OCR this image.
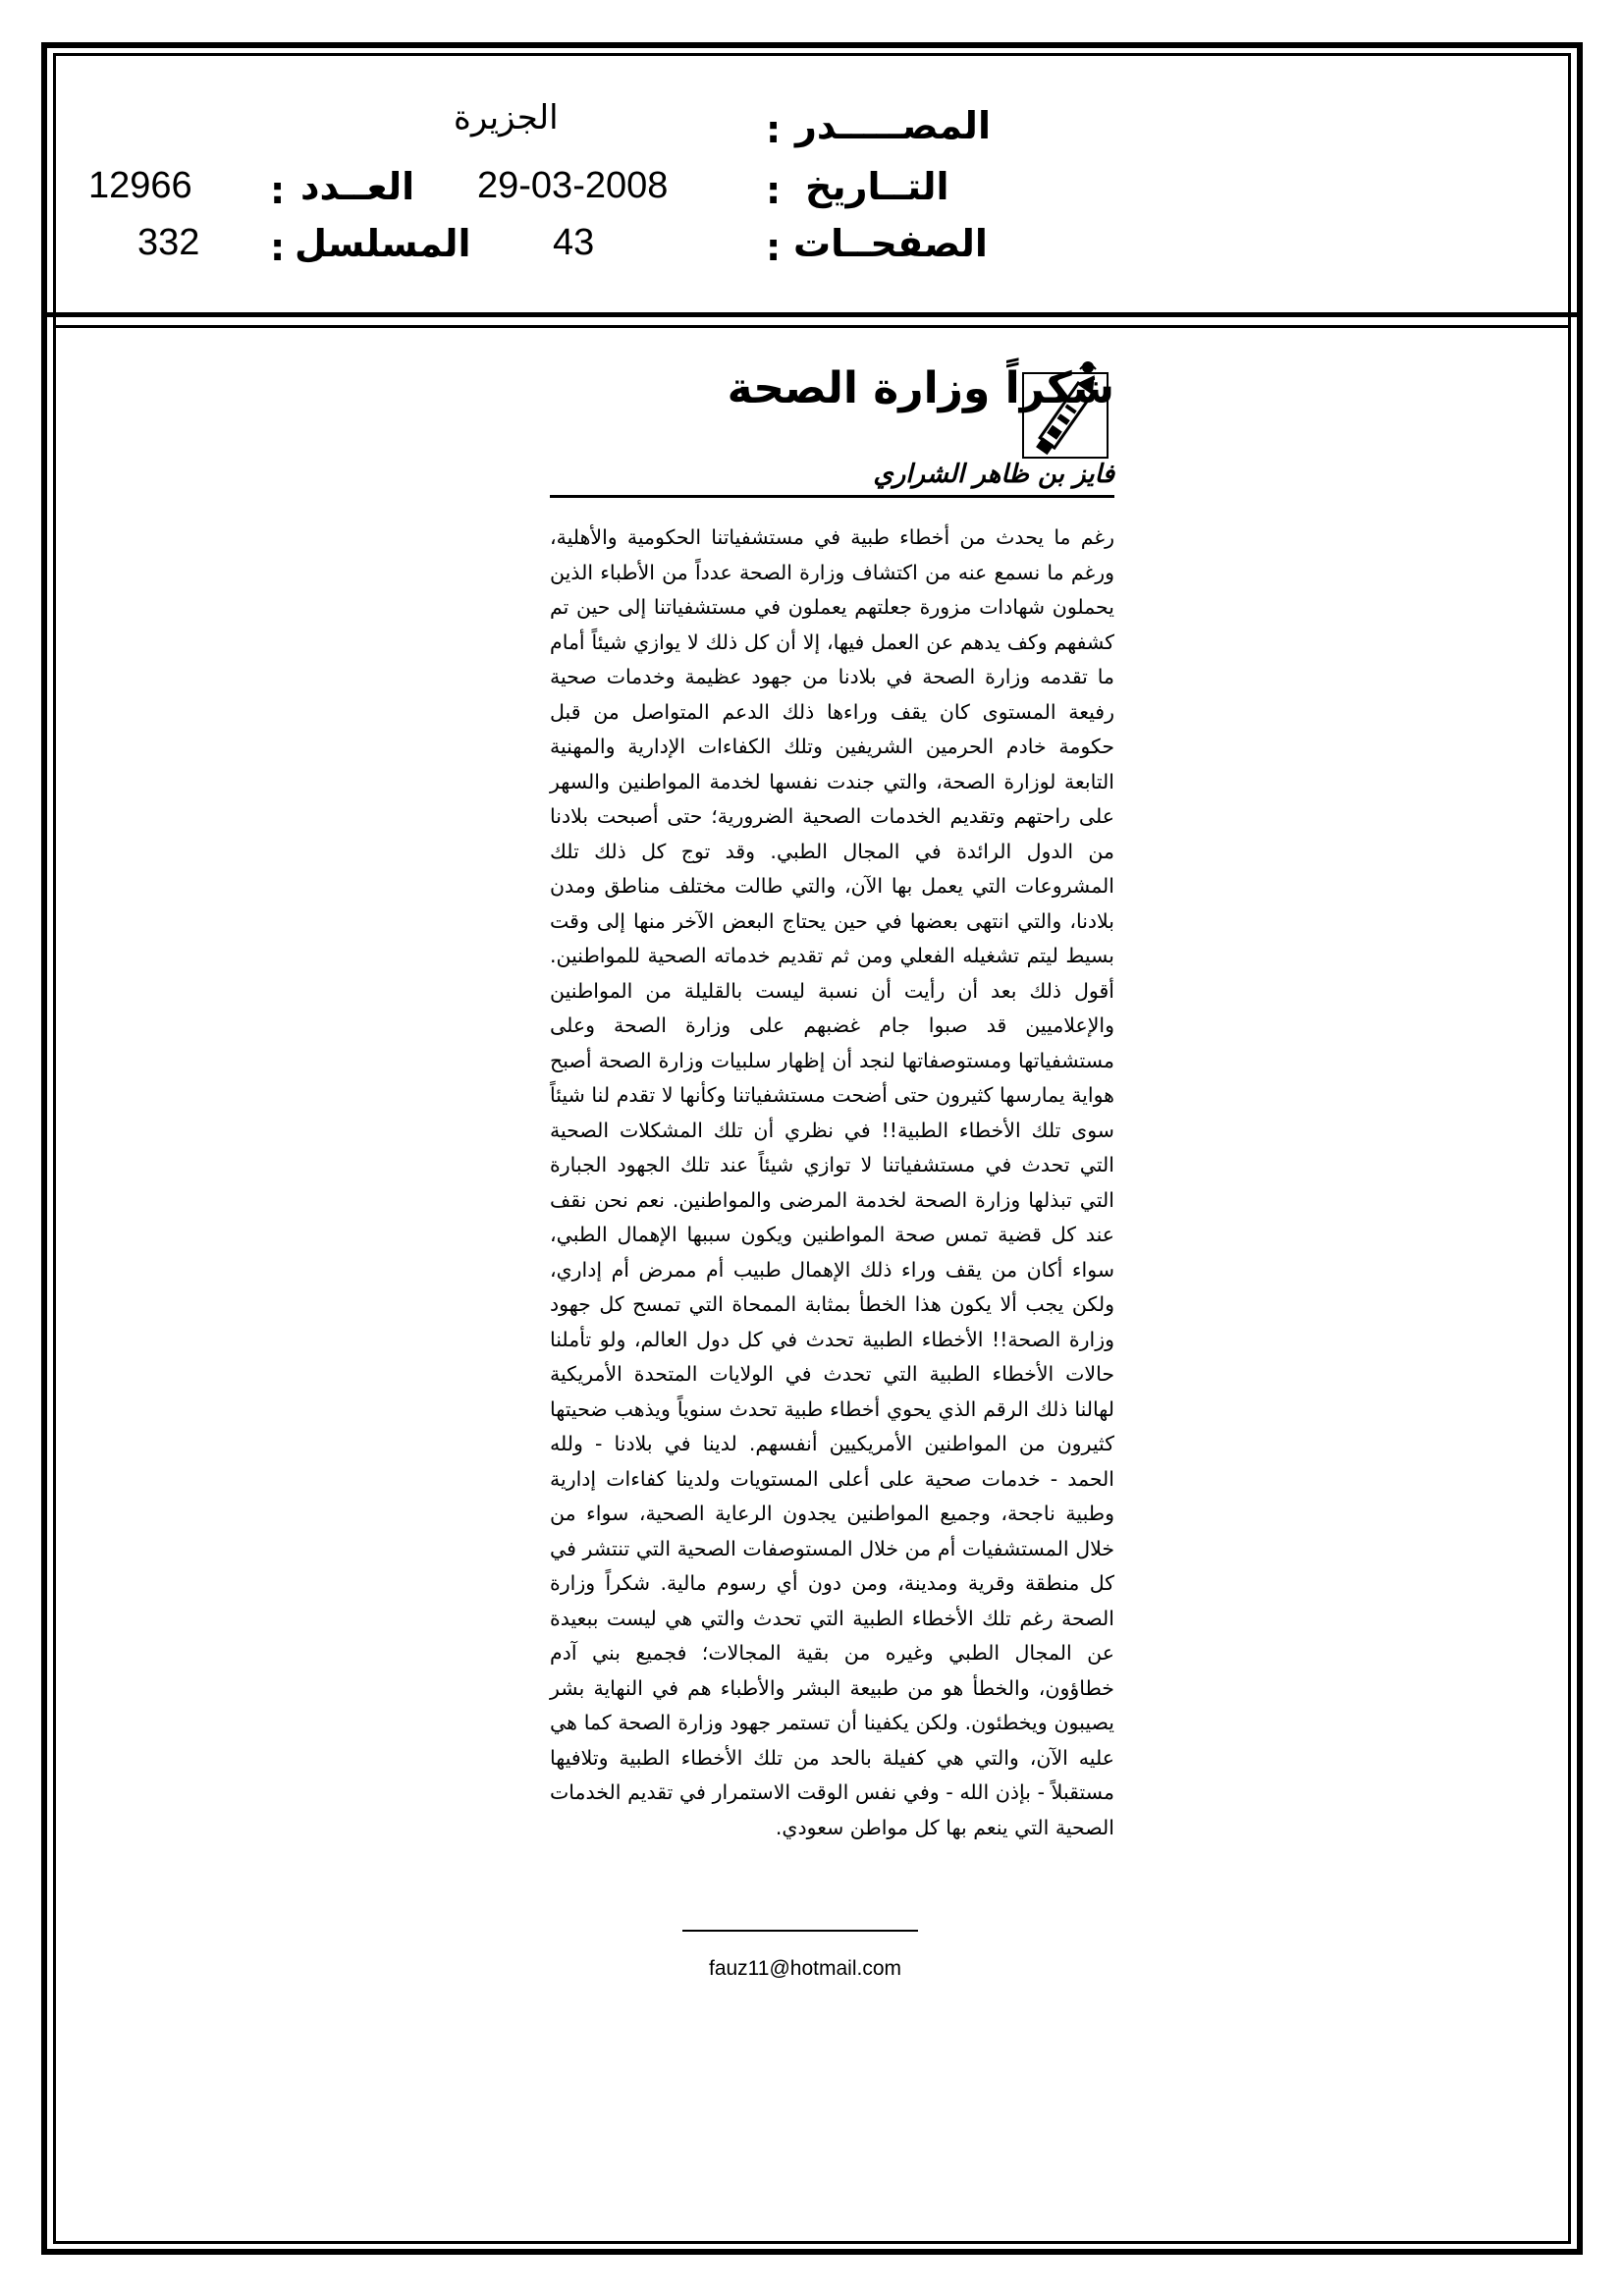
المصـــــدر
:
الجزيرة
التــاريخ
:
29-03-2008
العــدد
:
12966
الصفحــات
:
43
المسلسل
:
332
شكراً وزارة الصحة
فايز بن ظاهر الشراري
رغم ما يحدث من أخطاء طبية في مستشفياتنا الحكومية والأهلية، ورغم ما نسمع عنه من اكتشاف وزارة الصحة عدداً من الأطباء الذين يحملون شهادات مزورة جعلتهم يعملون في مستشفياتنا إلى حين تم كشفهم وكف يدهم عن العمل فيها، إلا أن كل ذلك لا يوازي شيئاً أمام ما تقدمه وزارة الصحة في بلادنا من جهود عظيمة وخدمات صحية رفيعة المستوى كان يقف وراءها ذلك الدعم المتواصل من قبل حكومة خادم الحرمين الشريفين وتلك الكفاءات الإدارية والمهنية التابعة لوزارة الصحة، والتي جندت نفسها لخدمة المواطنين والسهر على راحتهم وتقديم الخدمات الصحية الضرورية؛ حتى أصبحت بلادنا من الدول الرائدة في المجال الطبي. وقد توج كل ذلك تلك المشروعات التي يعمل بها الآن، والتي طالت مختلف مناطق ومدن بلادنا، والتي انتهى بعضها في حين يحتاج البعض الآخر منها إلى وقت بسيط ليتم تشغيله الفعلي ومن ثم تقديم خدماته الصحية للمواطنين. أقول ذلك بعد أن رأيت أن نسبة ليست بالقليلة من المواطنين والإعلاميين قد صبوا جام غضبهم على وزارة الصحة وعلى مستشفياتها ومستوصفاتها لنجد أن إظهار سلبيات وزارة الصحة أصبح هواية يمارسها كثيرون حتى أضحت مستشفياتنا وكأنها لا تقدم لنا شيئاً سوى تلك الأخطاء الطبية!! في نظري أن تلك المشكلات الصحية التي تحدث في مستشفياتنا لا توازي شيئاً عند تلك الجهود الجبارة التي تبذلها وزارة الصحة لخدمة المرضى والمواطنين. نعم نحن نقف عند كل قضية تمس صحة المواطنين ويكون سببها الإهمال الطبي، سواء أكان من يقف وراء ذلك الإهمال طبيب أم ممرض أم إداري، ولكن يجب ألا يكون هذا الخطأ بمثابة الممحاة التي تمسح كل جهود وزارة الصحة!! الأخطاء الطبية تحدث في كل دول العالم، ولو تأملنا حالات الأخطاء الطبية التي تحدث في الولايات المتحدة الأمريكية لهالنا ذلك الرقم الذي يحوي أخطاء طبية تحدث سنوياً ويذهب ضحيتها كثيرون من المواطنين الأمريكيين أنفسهم. لدينا في بلادنا - ولله الحمد - خدمات صحية على أعلى المستويات ولدينا كفاءات إدارية وطبية ناجحة، وجميع المواطنين يجدون الرعاية الصحية، سواء من خلال المستشفيات أم من خلال المستوصفات الصحية التي تنتشر في كل منطقة وقرية ومدينة، ومن دون أي رسوم مالية. شكراً وزارة الصحة رغم تلك الأخطاء الطبية التي تحدث والتي هي ليست ببعيدة عن المجال الطبي وغيره من بقية المجالات؛ فجميع بني آدم خطاؤون، والخطأ هو من طبيعة البشر والأطباء هم في النهاية بشر يصيبون ويخطئون. ولكن يكفينا أن تستمر جهود وزارة الصحة كما هي عليه الآن، والتي هي كفيلة بالحد من تلك الأخطاء الطبية وتلافيها مستقبلاً - بإذن الله - وفي نفس الوقت الاستمرار في تقديم الخدمات الصحية التي ينعم بها كل مواطن سعودي.
fauz11@hotmail.com
